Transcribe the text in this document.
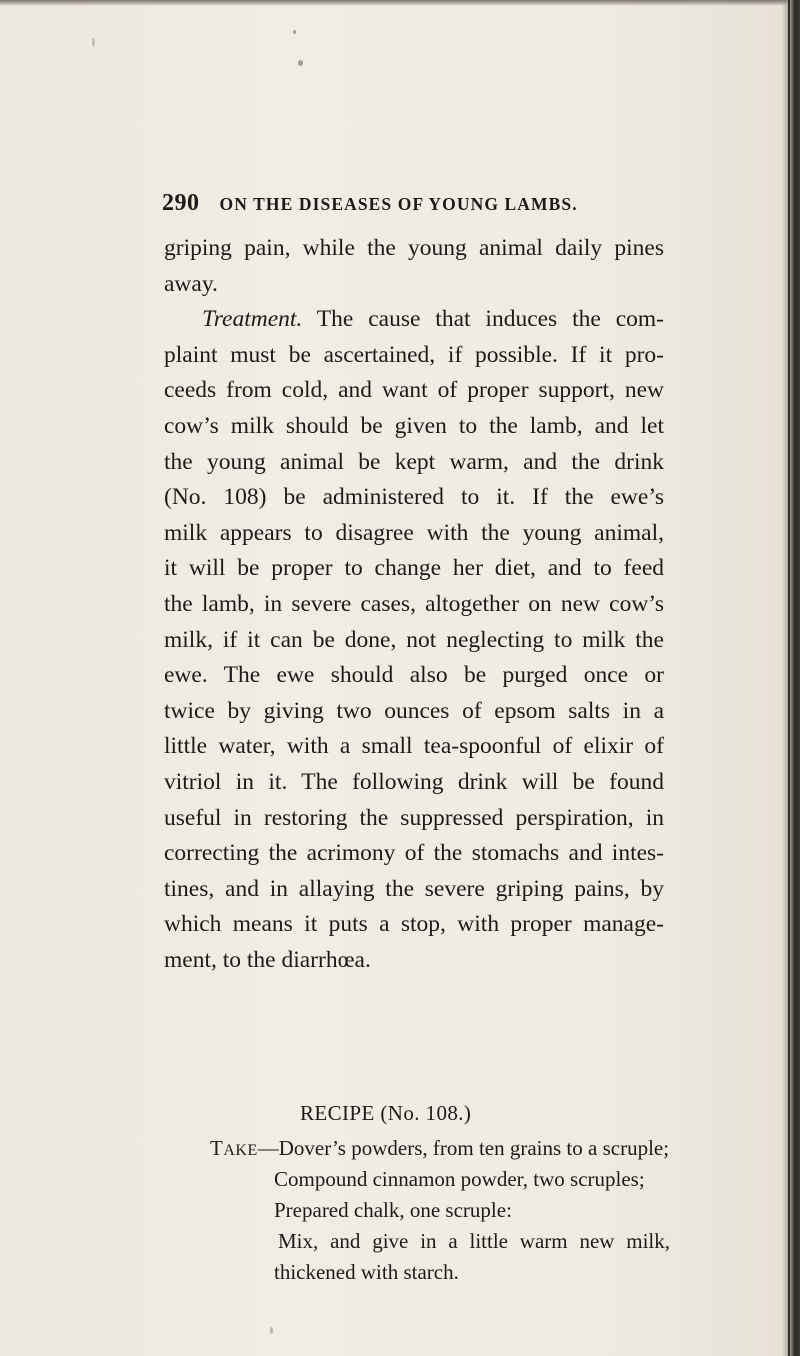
290 ON THE DISEASES OF YOUNG LAMBS.
griping pain, while the young animal daily pines
away.
Treatment. The cause that induces the com-
plaint must be ascertained, if possible. If it pro-
ceeds from cold, and want of proper support, new
cow’s milk should be given to the lamb, and let
the young animal be kept warm, and the drink
(No. 108) be administered to it. If the ewe’s
milk appears to disagree with the young animal,
it will be proper to change her diet, and to feed
the lamb, in severe cases, altogether on new cow’s
milk, if it can be done, not neglecting to milk the
ewe. The ewe should also be purged once or
twice by giving two ounces of epsom salts in a
little water, with a small tea-spoonful of elixir of
vitriol in it. The following drink will be found
useful in restoring the suppressed perspiration, in
correcting the acrimony of the stomachs and intes-
tines, and in allaying the severe griping pains, by
which means it puts a stop, with proper manage-
ment, to the diarrhœa.
RECIPE (No. 108.)
TAKE—Dover’s powders, from ten grains to a scruple;
Compound cinnamon powder, two scruples;
Prepared chalk, one scruple:
Mix, and give in a little warm new milk,
thickened with starch.
